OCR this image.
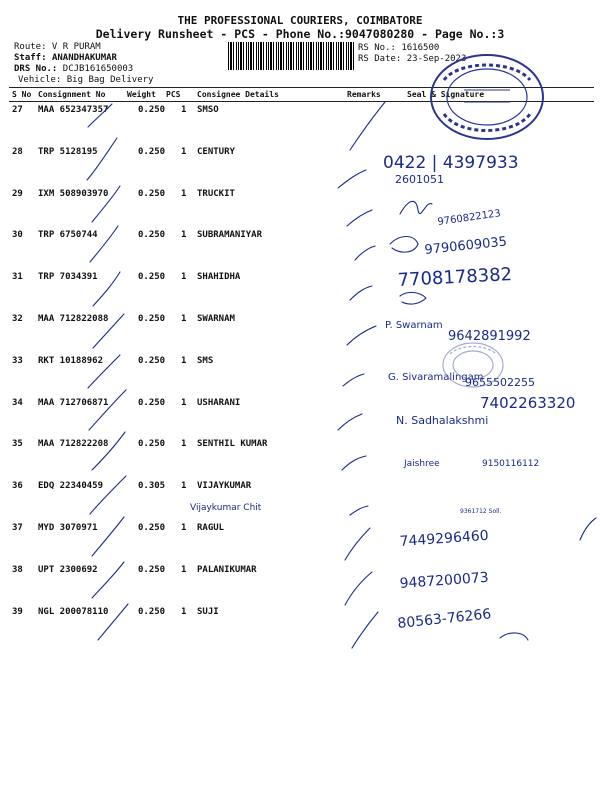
THE PROFESSIONAL COURIERS, COIMBATORE
Delivery Runsheet - PCS - Phone No.:9047080280 - Page No.:3
Route: V R PURAM
Staff: ANANDHAKUMAR
DRS No.: DCJB161650003
Vehicle: Big Bag Delivery
RS No.: 1616500
RS Date: 23-Sep-2023
S No Consignment No	Weight PCS Consignee Details	Remarks	Seal & Signature
27 MAA 652347357	0.250 1 SMSO
28 TRP 5128195	0.250 1 CENTURY
29 IXM 508903970	0.250 1 TRUCKIT
30 TRP 6750744	0.250 1 SUBRAMANIYAR
31 TRP 7034391	0.250 1 SHAHIDHA
32 MAA 712822088	0.250 1 SWARNAM
33 RKT 10188962	0.250 1 SMS
34 MAA 712706871	0.250 1 USHARANI
35 MAA 712822208	0.250 1 SENTHIL KUMAR
36 EDQ 22340459	0.305 1 VIJAYKUMAR
37 MYD 3070971	0.250 1 RAGUL
38 UPT 2300692	0.250 1 PALANIKUMAR
39 NGL 200078110	0.250 1 SUJI
0422 | 4397933
2601051
9760822123
9790609035
7708178382
P. Swarnam
9642891992
G. Sivaramalingam
9655502255
7402263320
N. Sadhalakshmi
Jaishree	9150116112
Vijaykumar Chit	9361712 Soll.
7449296460
9487200073
80563-76266
